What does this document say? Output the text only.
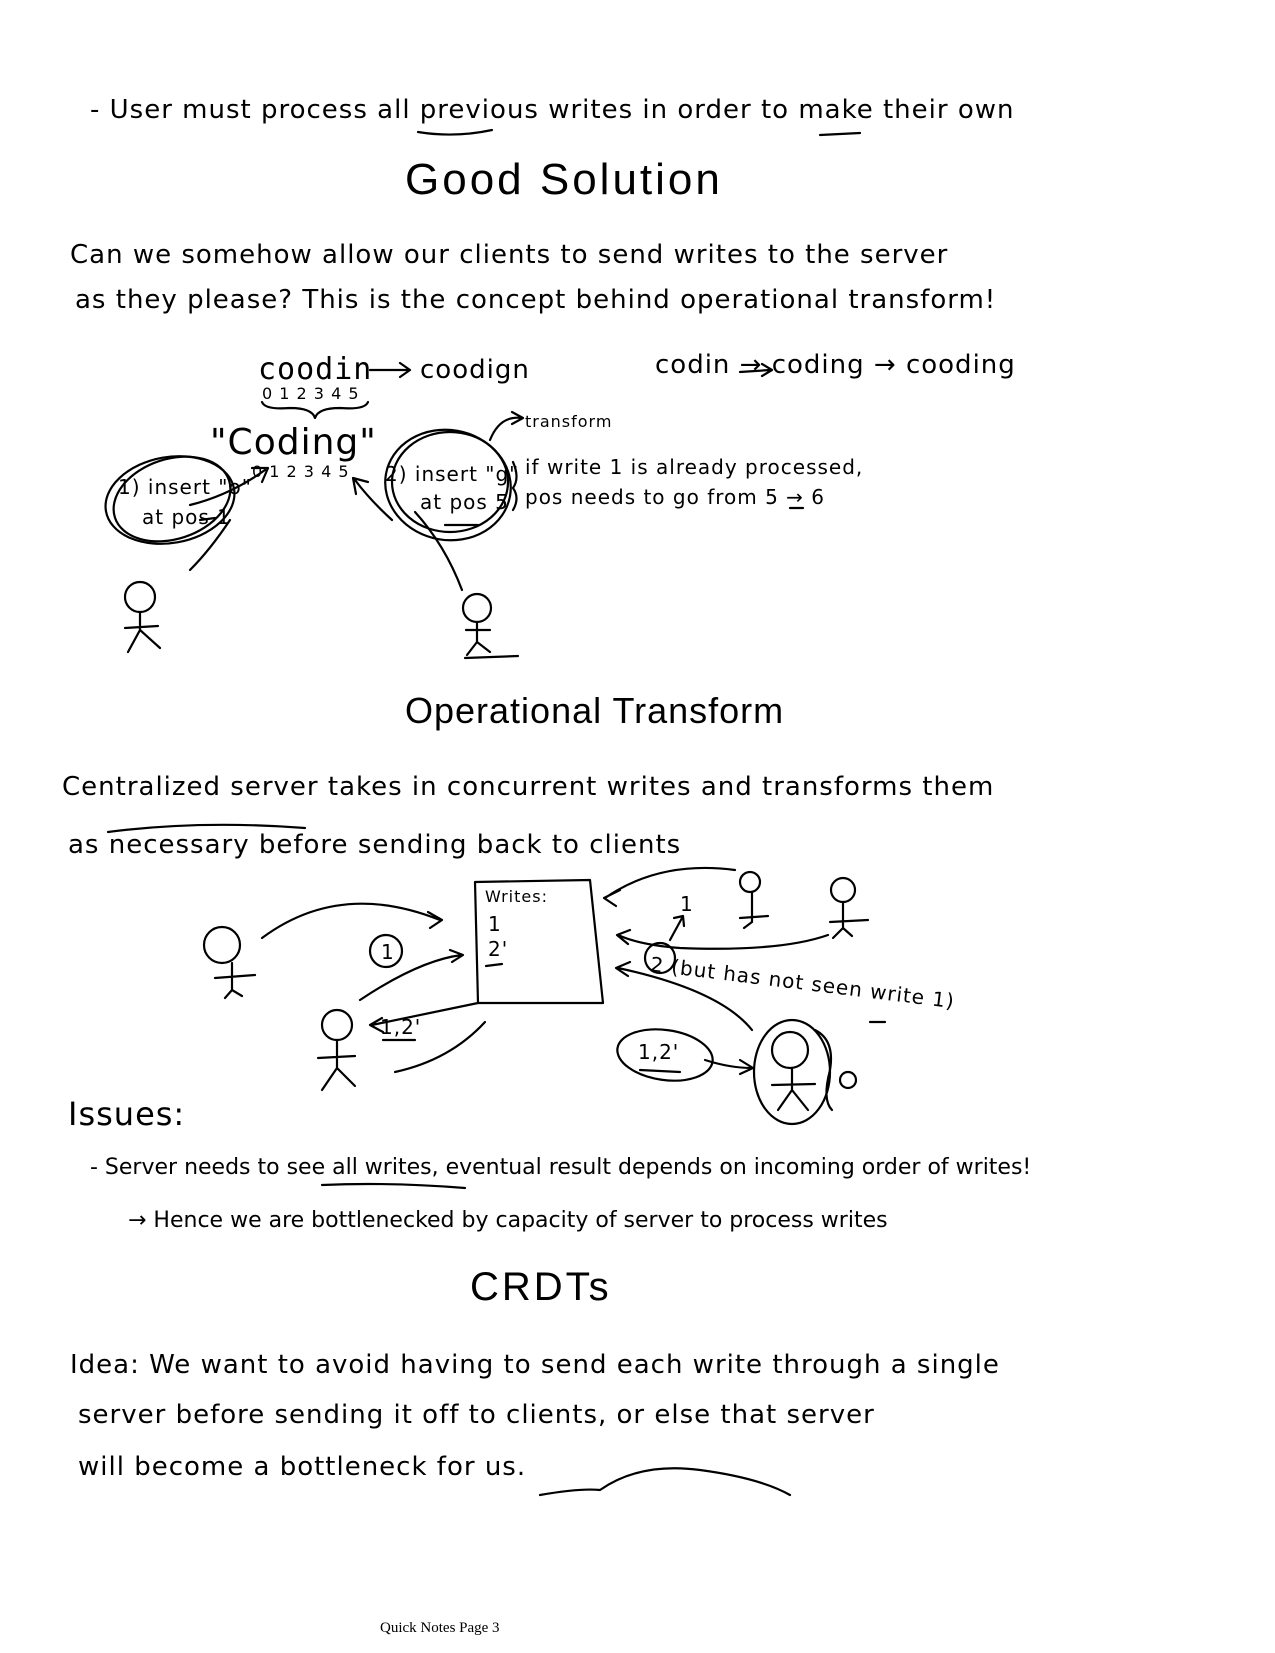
- User must process all previous writes in order to make their own
Good Solution
Can we somehow allow our clients to send writes to the server
as they please? This is the concept behind operational transform!
coodin coodign
0 1 2 3 4 5
codin → coding → cooding
"Coding"
0 1 2 3 4 5
1) insert "o"
at pos 1
2) insert "g"
at pos 5
transform
if write 1 is already processed,
pos needs to go from 5 → 6
Operational Transform
Centralized server takes in concurrent writes and transforms them
as necessary before sending back to clients
Writes:
1
2'
1
1
2 (but has not seen write 1)
1,2'
1,2'
Issues:
- Server needs to see all writes, eventual result depends on incoming order of writes!
→ Hence we are bottlenecked by capacity of server to process writes
CRDTs
Idea: We want to avoid having to send each write through a single
server before sending it off to clients, or else that server
will become a bottleneck for us.
Quick Notes Page 3
